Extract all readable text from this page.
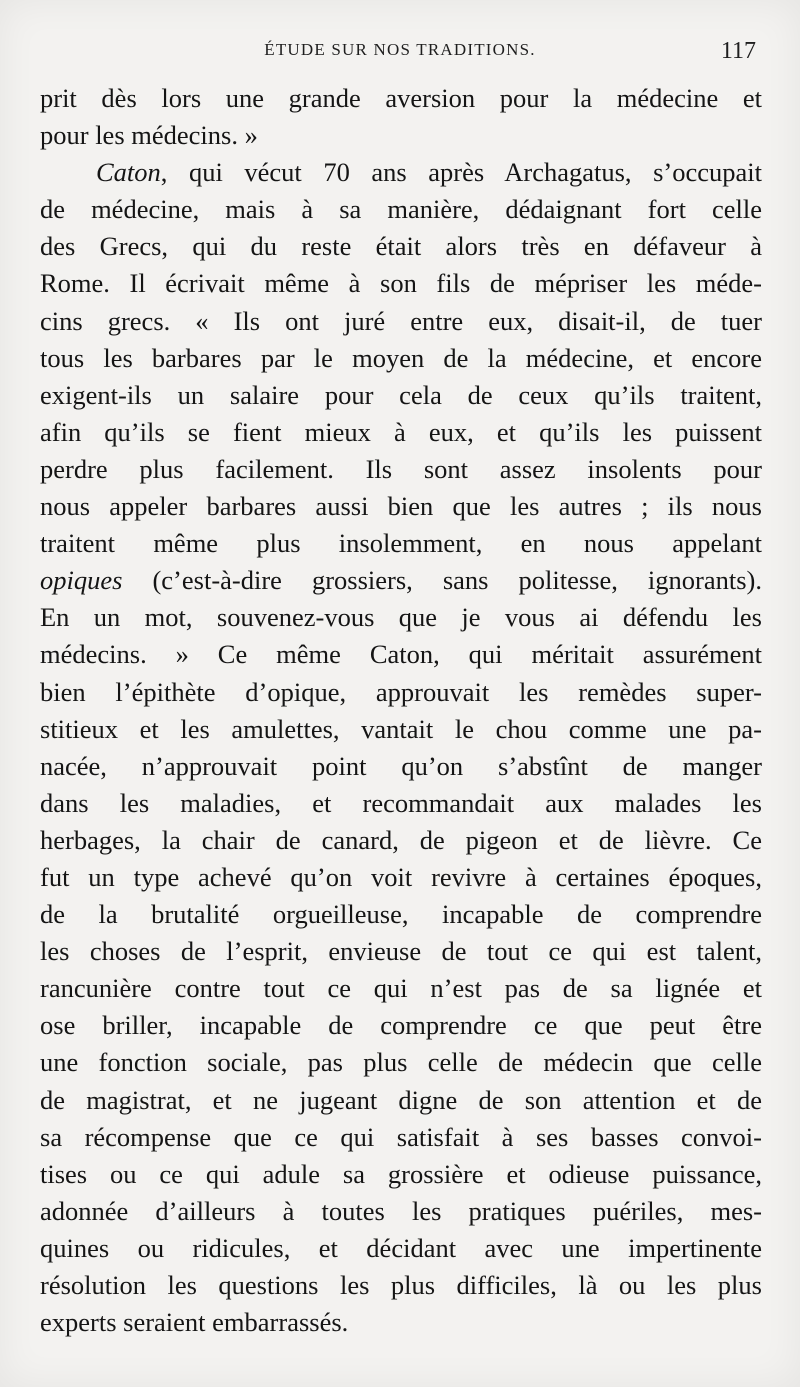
ÉTUDE SUR NOS TRADITIONS.	117
prit dès lors une grande aversion pour la médecine et
pour les médecins. »
Caton, qui vécut 70 ans après Archagatus, s’occupait
de médecine, mais à sa manière, dédaignant fort celle
des Grecs, qui du reste était alors très en défaveur à
Rome. Il écrivait même à son fils de mépriser les méde-
cins grecs. « Ils ont juré entre eux, disait-il, de tuer
tous les barbares par le moyen de la médecine, et encore
exigent-ils un salaire pour cela de ceux qu’ils traitent,
afin qu’ils se fient mieux à eux, et qu’ils les puissent
perdre plus facilement. Ils sont assez insolents pour
nous appeler barbares aussi bien que les autres ; ils nous
traitent même plus insolemment, en nous appelant
opiques (c’est-à-dire grossiers, sans politesse, ignorants).
En un mot, souvenez-vous que je vous ai défendu les
médecins. » Ce même Caton, qui méritait assurément
bien l’épithète d’opique, approuvait les remèdes super-
stitieux et les amulettes, vantait le chou comme une pa-
nacée, n’approuvait point qu’on s’abstînt de manger
dans les maladies, et recommandait aux malades les
herbages, la chair de canard, de pigeon et de lièvre. Ce
fut un type achevé qu’on voit revivre à certaines époques,
de la brutalité orgueilleuse, incapable de comprendre
les choses de l’esprit, envieuse de tout ce qui est talent,
rancunière contre tout ce qui n’est pas de sa lignée et
ose briller, incapable de comprendre ce que peut être
une fonction sociale, pas plus celle de médecin que celle
de magistrat, et ne jugeant digne de son attention et de
sa récompense que ce qui satisfait à ses basses convoi-
tises ou ce qui adule sa grossière et odieuse puissance,
adonnée d’ailleurs à toutes les pratiques puériles, mes-
quines ou ridicules, et décidant avec une impertinente
résolution les questions les plus difficiles, là ou les plus
experts seraient embarrassés.
